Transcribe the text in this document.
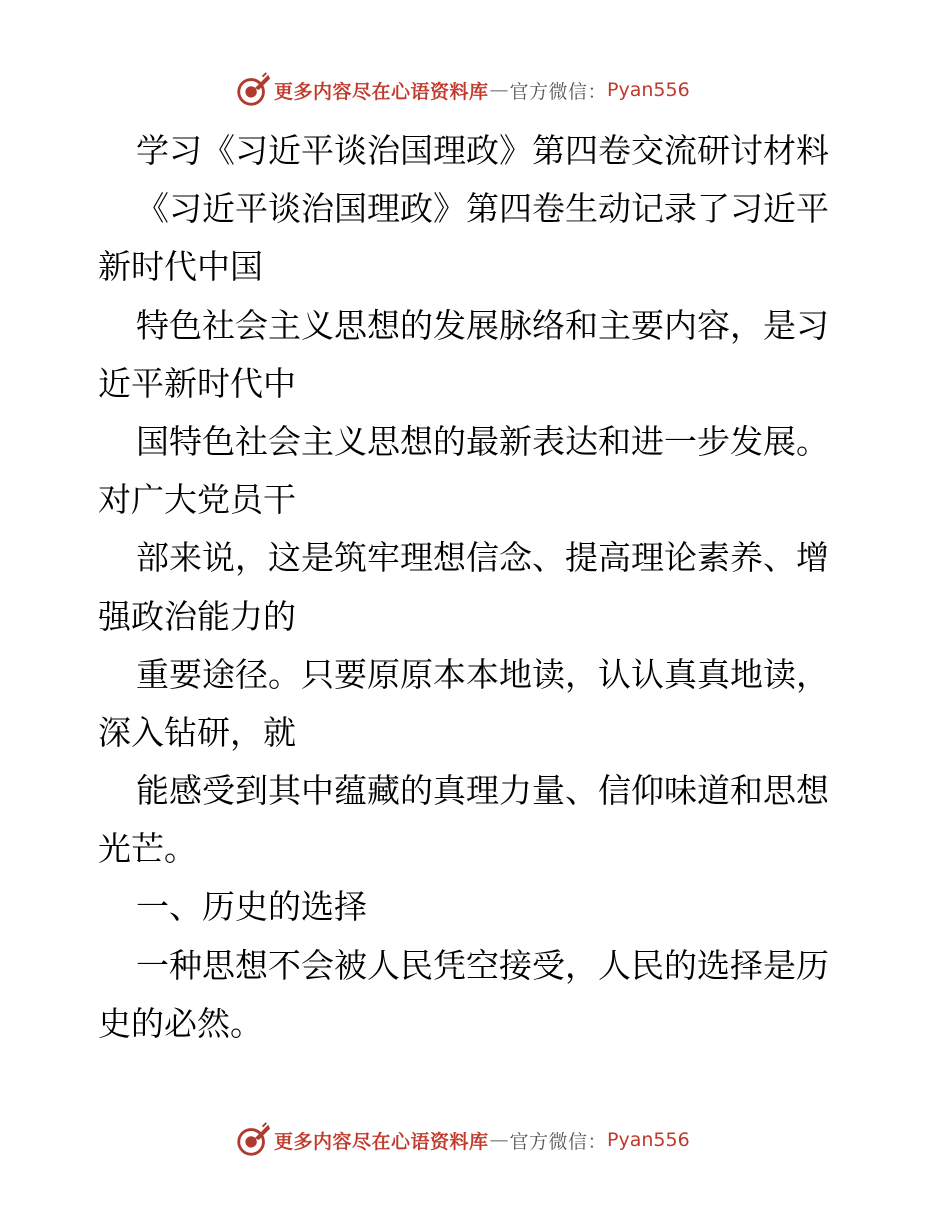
更多内容尽在心语资料库 — 官方微信： Pyan556
学习《习近平谈治国理政》第四卷交流研讨材料
《习近平谈治国理政》第四卷生动记录了习近平
新时代中国
特色社会主义思想的发展脉络和主要内容，是习
近平新时代中
国特色社会主义思想的最新表达和进一步发展。
对广大党员干
部来说，这是筑牢理想信念、提高理论素养、增
强政治能力的
重要途径。只要原原本本地读，认认真真地读，
深入钻研，就
能感受到其中蕴藏的真理力量、信仰味道和思想
光芒。
一、历史的选择
一种思想不会被人民凭空接受，人民的选择是历
史的必然。
更多内容尽在心语资料库 — 官方微信： Pyan556
